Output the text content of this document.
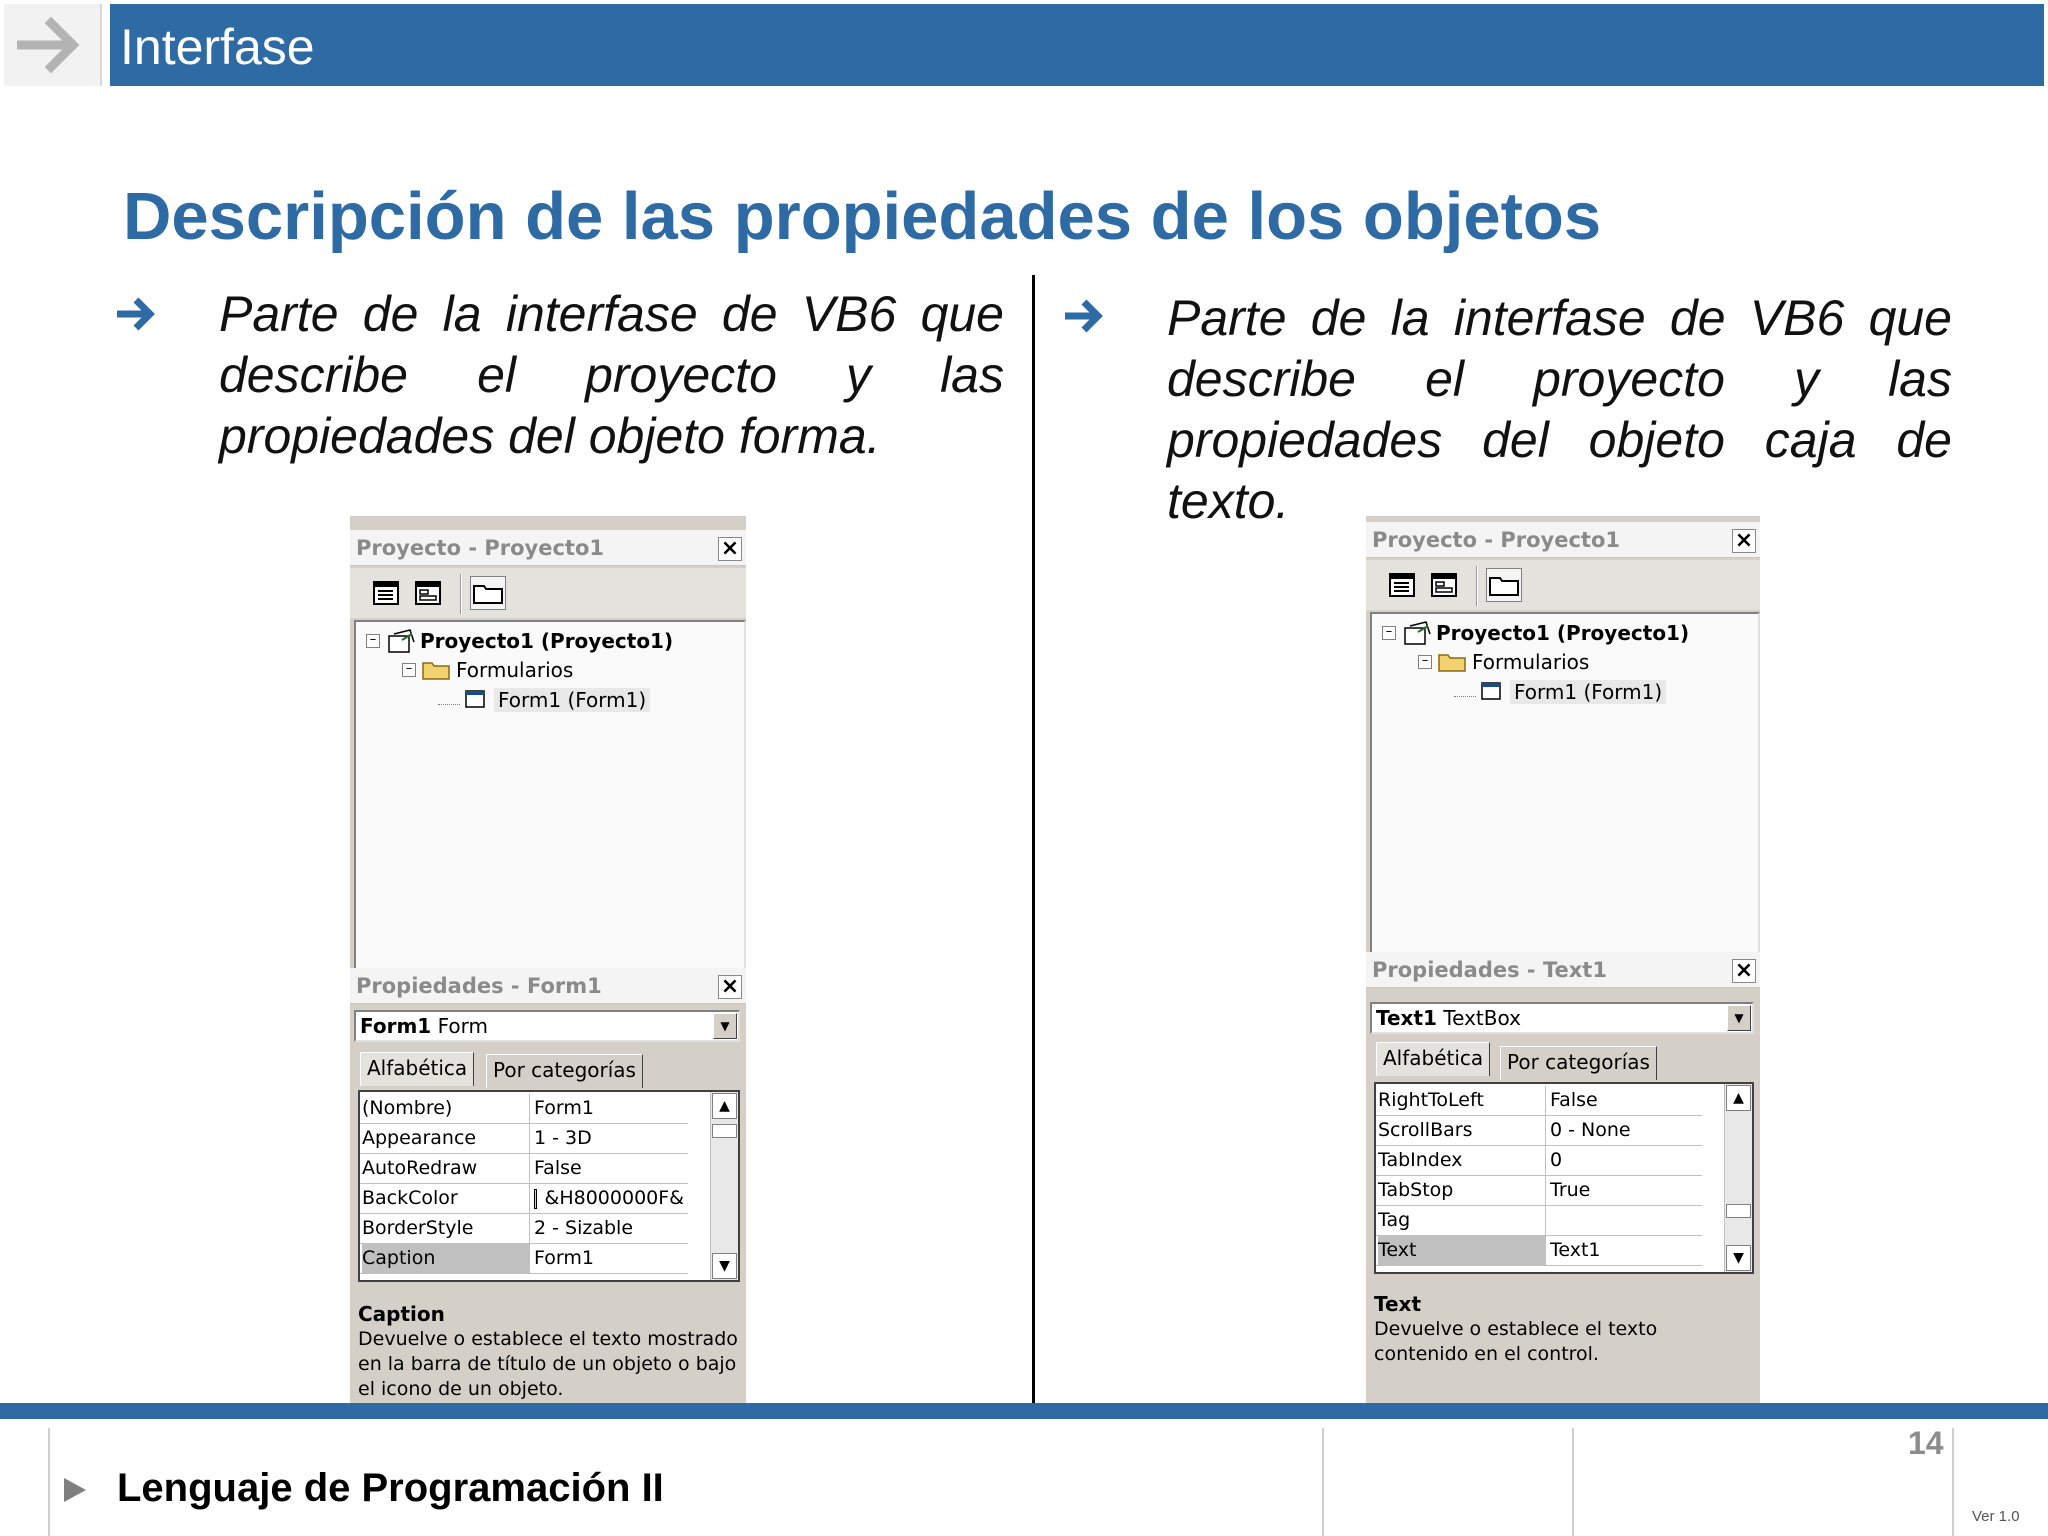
Interfase
Descripción de las propiedades de los objetos
Parte de la interfase de VB6 que describe el proyecto y las propiedades del objeto forma.
Parte de la interfase de VB6 que describe el proyecto y las propiedades del objeto caja de texto.
Proyecto - Proyecto1	×
– Proyecto1 (Proyecto1)
– Formularios
Form1 (Form1)
Propiedades - Form1	×
Form1 Form	▼
Alfabética	Por categorías
(Nombre)	Form1
Appearance	1 - 3D
AutoRedraw	False
BackColor	&H8000000F&
BorderStyle	2 - Sizable
Caption	Form1
▲
▼
Caption
Devuelve o establece el texto mostrado en la barra de título de un objeto o bajo el icono de un objeto.
Proyecto - Proyecto1	×
– Proyecto1 (Proyecto1)
– Formularios
Form1 (Form1)
Propiedades - Text1	×
Text1 TextBox	▼
Alfabética	Por categorías
RightToLeft	False
ScrollBars	0 - None
TabIndex	0
TabStop	True
Tag
Text	Text1
▲
▼
Text
Devuelve o establece el texto contenido en el control.
Lenguaje de Programación II
14
Ver 1.0
